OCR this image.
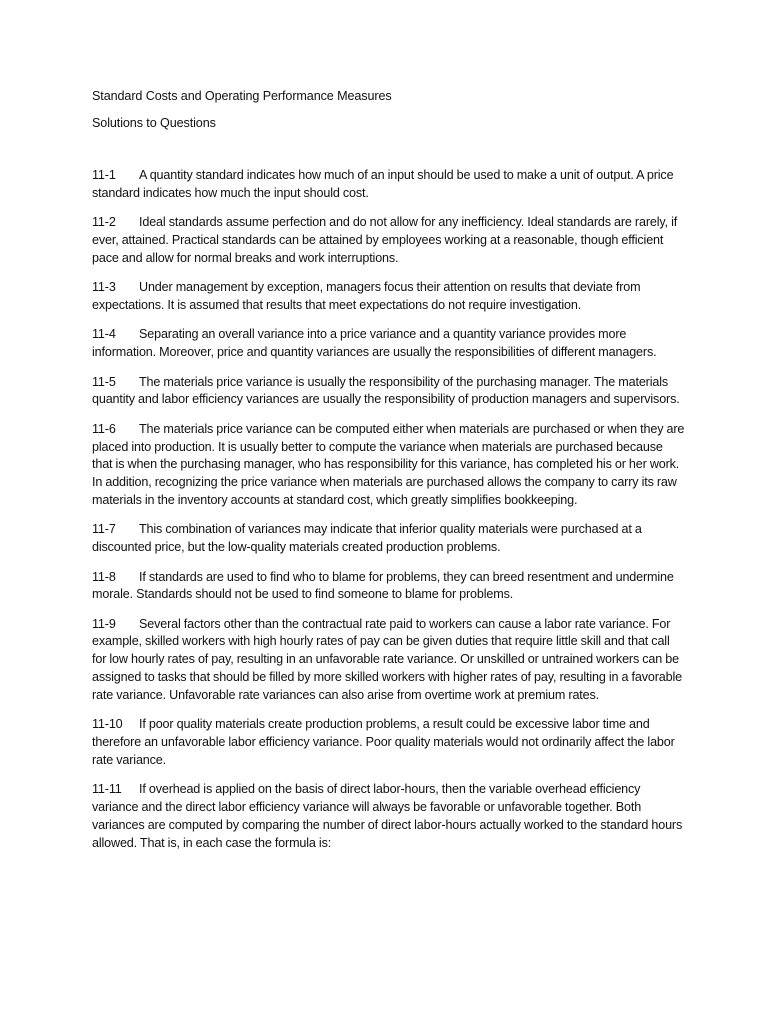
Standard Costs and Operating Performance Measures
Solutions to Questions

11-1 A quantity standard indicates how much of an input should be used to make a unit of output. A price standard indicates how much the input should cost.

11-2 Ideal standards assume perfection and do not allow for any inefficiency. Ideal standards are rarely, if ever, attained. Practical standards can be attained by employees working at a reasonable, though efficient pace and allow for normal breaks and work interruptions.

11-3 Under management by exception, managers focus their attention on results that deviate from expectations. It is assumed that results that meet expectations do not require investigation.

11-4 Separating an overall variance into a price variance and a quantity variance provides more information. Moreover, price and quantity variances are usually the responsibilities of different managers.

11-5 The materials price variance is usually the responsibility of the purchasing manager. The materials quantity and labor efficiency variances are usually the responsibility of production managers and supervisors.

11-6 The materials price variance can be computed either when materials are purchased or when they are placed into production. It is usually better to compute the variance when materials are purchased because that is when the purchasing manager, who has responsibility for this variance, has completed his or her work. In addition, recognizing the price variance when materials are purchased allows the company to carry its raw materials in the inventory accounts at standard cost, which greatly simplifies bookkeeping.

11-7 This combination of variances may indicate that inferior quality materials were purchased at a discounted price, but the low-quality materials created production problems.

11-8 If standards are used to find who to blame for problems, they can breed resentment and undermine morale. Standards should not be used to find someone to blame for problems.

11-9 Several factors other than the contractual rate paid to workers can cause a labor rate variance. For example, skilled workers with high hourly rates of pay can be given duties that require little skill and that call for low hourly rates of pay, resulting in an unfavorable rate variance. Or unskilled or untrained workers can be assigned to tasks that should be filled by more skilled workers with higher rates of pay, resulting in a favorable rate variance. Unfavorable rate variances can also arise from overtime work at premium rates.

11-10 If poor quality materials create production problems, a result could be excessive labor time and therefore an unfavorable labor efficiency variance. Poor quality materials would not ordinarily affect the labor rate variance.

11-11 If overhead is applied on the basis of direct labor-hours, then the variable overhead efficiency variance and the direct labor efficiency variance will always be favorable or unfavorable together. Both variances are computed by comparing the number of direct labor-hours actually worked to the standard hours allowed. That is, in each case the formula is:
